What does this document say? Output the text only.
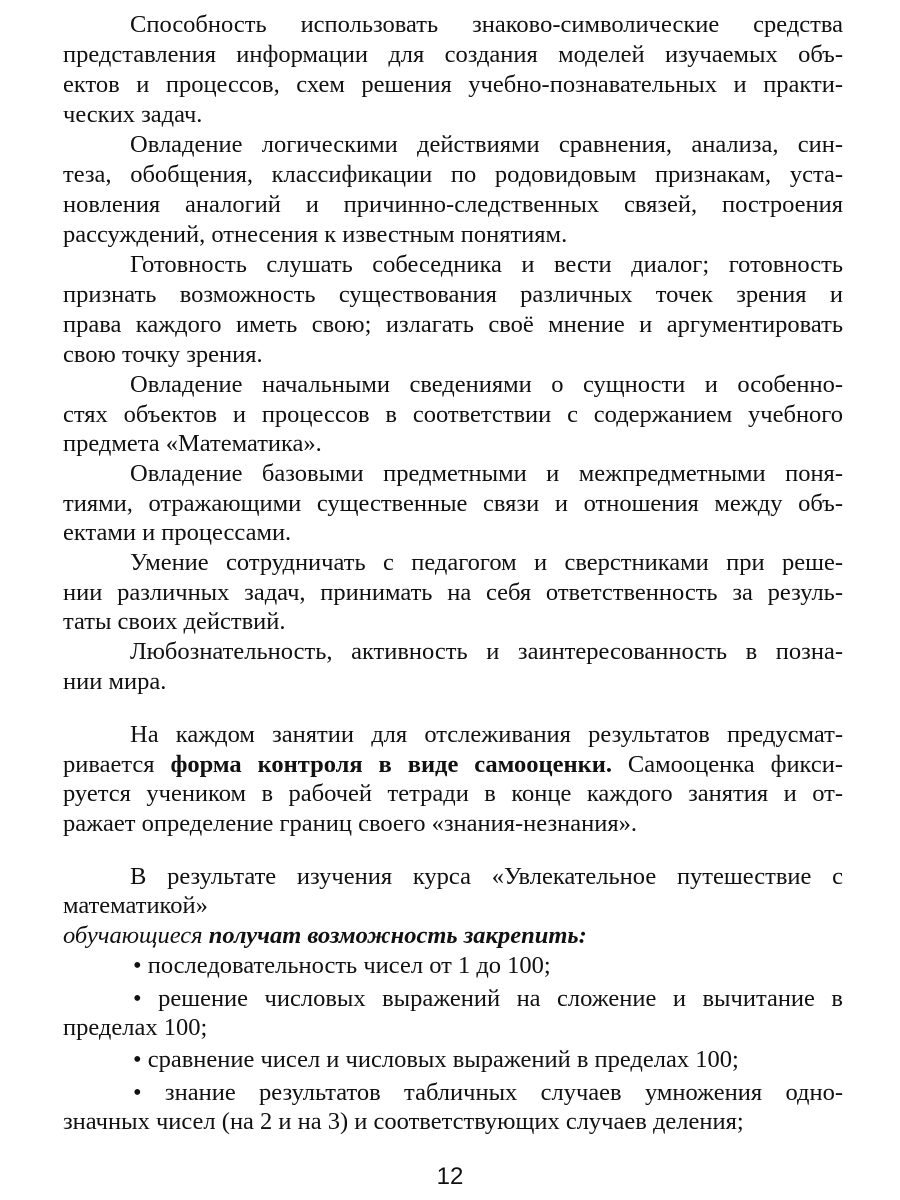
Способность использовать знаково-символические средства
представления информации для создания моделей изучаемых объ-
ектов и процессов, схем решения учебно-познавательных и практи-
ческих задач.
Овладение логическими действиями сравнения, анализа, син-
теза, обобщения, классификации по родовидовым признакам, уста-
новления аналогий и причинно-следственных связей, построения
рассуждений, отнесения к известным понятиям.
Готовность слушать собеседника и вести диалог; готовность
признать возможность существования различных точек зрения и
права каждого иметь свою; излагать своё мнение и аргументировать
свою точку зрения.
Овладение начальными сведениями о сущности и особенно-
стях объектов и процессов в соответствии с содержанием учебного
предмета «Математика».
Овладение базовыми предметными и межпредметными поня-
тиями, отражающими существенные связи и отношения между объ-
ектами и процессами.
Умение сотрудничать с педагогом и сверстниками при реше-
нии различных задач, принимать на себя ответственность за резуль-
таты своих действий.
Любознательность, активность и заинтересованность в позна-
нии мира.
На каждом занятии для отслеживания результатов предусмат-
ривается форма контроля в виде самооценки. Самооценка фикси-
руется учеником в рабочей тетради в конце каждого занятия и от-
ражает определение границ своего «знания-незнания».
В результате изучения курса «Увлекательное путешествие с
математикой»
обучающиеся получат возможность закрепить:
• последовательность чисел от 1 до 100;
• решение числовых выражений на сложение и вычитание в
пределах 100;
• сравнение чисел и числовых выражений в пределах 100;
• знание результатов табличных случаев умножения одно-
значных чисел (на 2 и на 3) и соответствующих случаев деления;
12
